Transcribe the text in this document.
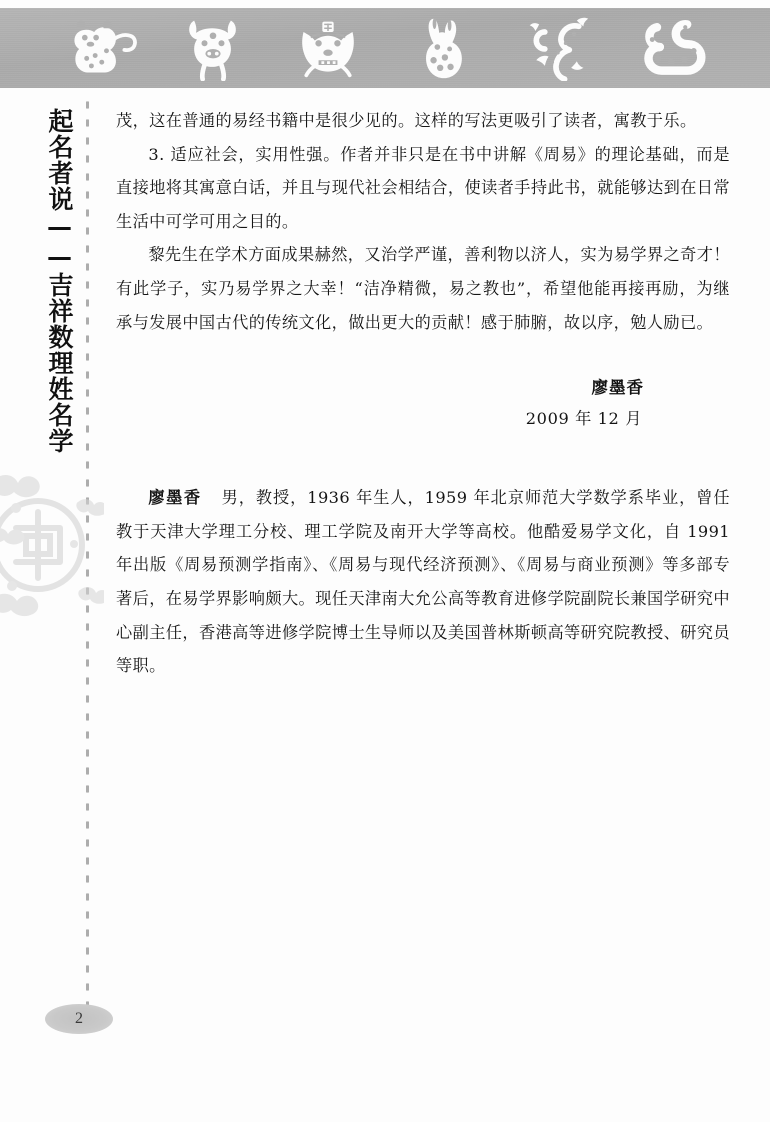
起名者说——吉祥数理姓名学	茂，这在普通的易经书籍中是很少见的。这样的写法更吸引了读者，寓教于乐。

3. 适应社会，实用性强。作者并非只是在书中讲解《周易》的理论基础，而是直接地将其寓意白话，并且与现代社会相结合，使读者手持此书，就能够达到在日常生活中可学可用之目的。

黎先生在学术方面成果赫然，又治学严谨，善利物以济人，实为易学界之奇才！有此学子，实乃易学界之大幸！“洁净精微，易之教也”，希望他能再接再励，为继承与发展中国古代的传统文化，做出更大的贡献！感于肺腑，故以序，勉人励已。

廖墨香
2009 年 12 月

廖墨香 男，教授，1936 年生人，1959 年北京师范大学数学系毕业，曾任教于天津大学理工分校、理工学院及南开大学等高校。他酷爱易学文化，自 1991 年出版《周易预测学指南》、《周易与现代经济预测》、《周易与商业预测》等多部专著后，在易学界影响颇大。现任天津南大允公高等教育进修学院副院长兼国学研究中心副主任，香港高等进修学院博士生导师以及美国普林斯顿高等研究院教授、研究员等职。

2
